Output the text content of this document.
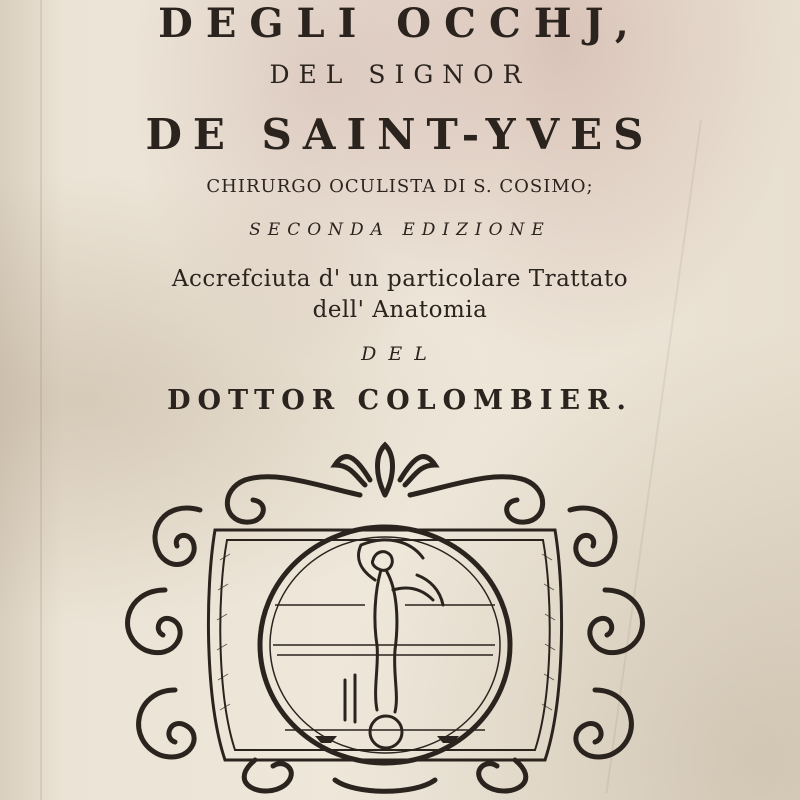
DEGLI OCCHJ,
DEL SIGNOR
DE SAINT-YVES
CHIRURGO OCULISTA DI S. COSIMO;
SECONDA EDIZIONE
Accrefciuta d' un particolare Trattato
dell' Anatomia
DEL
DOTTOR COLOMBIER.
